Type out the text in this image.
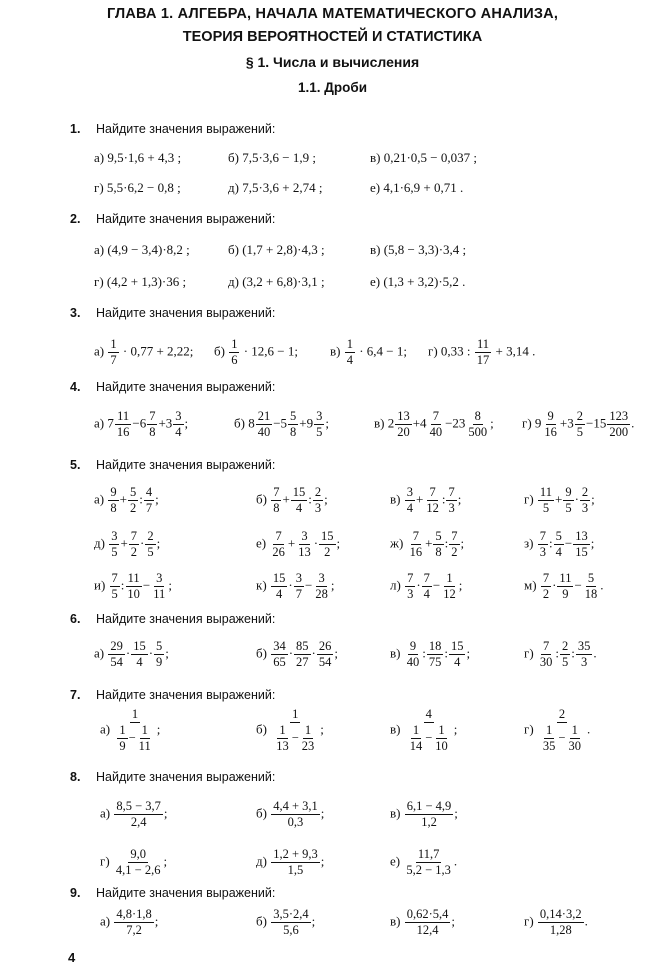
ГЛАВА 1. АЛГЕБРА, НАЧАЛА МАТЕМАТИЧЕСКОГО АНАЛИЗА,
ТЕОРИЯ ВЕРОЯТНОСТЕЙ И СТАТИСТИКА
§ 1. Числа и вычисления
1.1. Дроби
1. Найдите значения выражений:
а) 9,5·1,6 + 4,3 ;	б) 7,5·3,6 − 1,9 ;	в) 0,21·0,5 − 0,037 ;
г) 5,5·6,2 − 0,8 ;	д) 7,5·3,6 + 2,74 ;	е) 4,1·6,9 + 0,71 .
2. Найдите значения выражений:
а) (4,9 − 3,4)·8,2 ;	б) (1,7 + 2,8)·4,3 ;	в) (5,8 − 3,3)·3,4 ;
г) (4,2 + 1,3)·36 ;	д) (3,2 + 6,8)·3,1 ;	е) (1,3 + 3,2)·5,2 .
3. Найдите значения выражений:
$а) \frac{1}{7} \cdot 0,77 + 2,22$; $б) \frac{1}{6} \cdot 12,6 - 1$; $в) \frac{1}{4} \cdot 6,4 - 1$; г) 0,33 : $\frac{11}{17} + 3,14$ .
4. Найдите значения выражений:
а) $7 \frac{11}{16} -6 \frac{7}{8} +3 \frac{3}{4}$ ;	б) $8 \frac{21}{40} -5 \frac{5}{8} +9 \frac{3}{5}$ ;	в) $2 \frac{13}{20} +4 \frac{7}{40} -23 \frac{8}{500}$ ; г) $9 \frac{9}{16} +3 \frac{2}{5} -15 \frac{123}{200}$ .
5. Найдите значения выражений:
$а) \frac{9}{8} + \frac{5}{2}$ : $\frac{4}{7}$ ;	$б) \frac{7}{8} + \frac{15}{4}$ : $\frac{2}{3}$ ;	$в) \frac{3}{4} + \frac{7}{12}$ : $\frac{7}{3}$ ;	$г) \frac{11}{5} + \frac{9}{5} \cdot \frac{2}{3}$ ;
$д) \frac{3}{5} + \frac{7}{2} \cdot \frac{2}{5}$ ;	$е) \frac{7}{26} + \frac{3}{13} \cdot \frac{15}{2}$ ;	$ж) \frac{7}{16} + \frac{5}{8}$ : $\frac{7}{2}$ ;	$з) \frac{7}{3}$ : $\frac{5}{4} - \frac{13}{15}$ ;
$и) \frac{7}{5}$ : $\frac{11}{10} - \frac{3}{11}$ ;	$к) \frac{15}{4} \cdot \frac{3}{7} - \frac{3}{28}$ ;	$л) \frac{7}{3} \cdot \frac{7}{4} - \frac{1}{12}$ ;	$м) \frac{7}{2} \cdot \frac{11}{9} - \frac{5}{18}$ .
6. Найдите значения выражений:
$а) \frac{29}{54} \cdot \frac{15}{4} \cdot \frac{5}{9}$ ;	$б) \frac{34}{65} \cdot \frac{85}{27} \cdot \frac{26}{54}$ ;	$в) \frac{9}{40}$ : $\frac{18}{75}$ : $\frac{15}{4}$ ;	$г) \frac{7}{30}$ : $\frac{2}{5}$ : $\frac{35}{3}$ .
7. Найдите значения выражений:
$а) \frac{1}{\frac{1}{9} - \frac{1}{11}}$ ;	$б) \frac{1}{\frac{1}{13} - \frac{1}{23}}$ ;	$в) \frac{4}{\frac{1}{14} - \frac{1}{10}}$ ;	$г) \frac{2}{\frac{1}{35} - \frac{1}{30}}$ .
8. Найдите значения выражений:
$а) \frac{8,5 - 3,7}{2,4}$ ;	$б) \frac{4,4 + 3,1}{0,3}$ ;	$в) \frac{6,1 - 4,9}{1,2}$ ;
$г) \frac{9,0}{4,1 - 2,6}$ ;	$д) \frac{1,2 + 9,3}{1,5}$ ;	$е) \frac{11,7}{5,2 - 1,3}$ .
9. Найдите значения выражений:
$а) \frac{4,8\cdot 1,8}{7,2}$ ;	$б) \frac{3,5\cdot 2,4}{5,6}$ ;	$в) \frac{0,62\cdot 5,4}{12,4}$ ;	$г) \frac{0,14\cdot 3,2}{1,28}$ .
4
